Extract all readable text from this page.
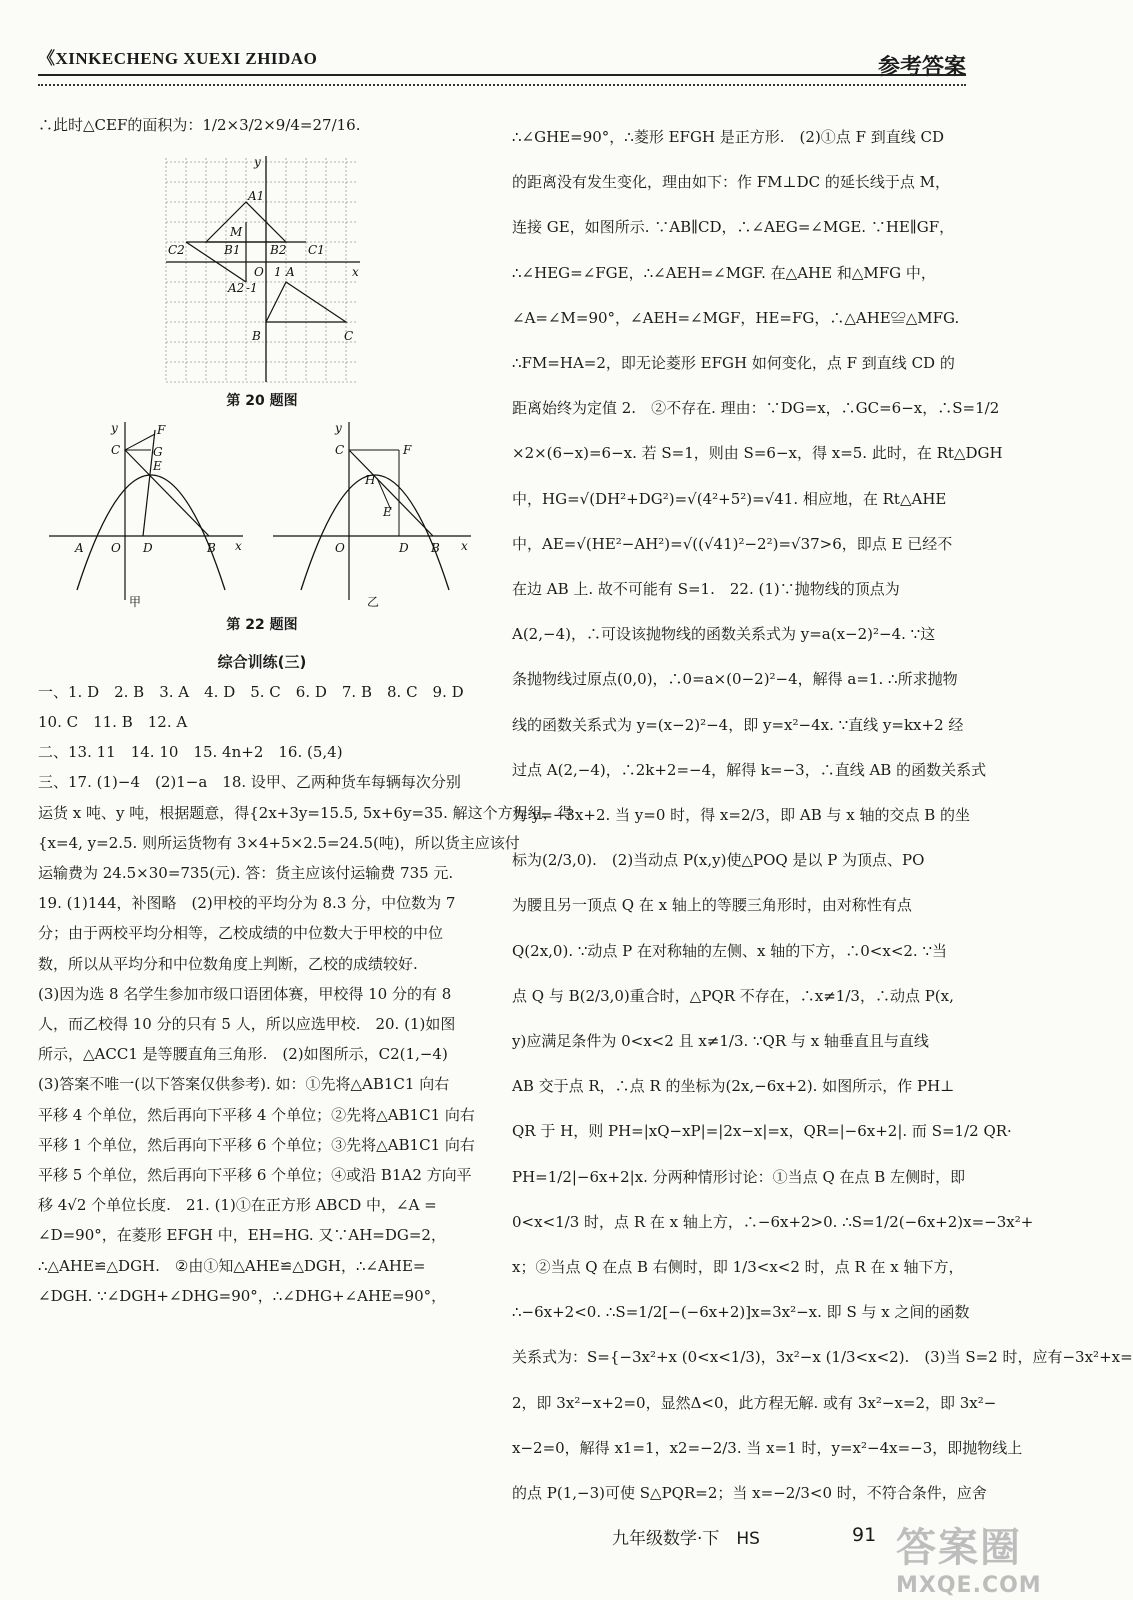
《XINKECHENG XUEXI ZHIDAO	参考答案

∴此时△CEF的面积为：1/2×3/2×9/4=27/16.

y
x
A1
M
C2	B1 B2 C1
O 1 A
A2 -1
B	C

第 20 题图

y
C
F
G
E
A O D	B x
甲
y
C	F
H
E
O	D B x
乙

第 22 题图

综合训练(三)

一、1. D　2. B　3. A　4. D　5. C　6. D　7. B　8. C　9. D

10. C　11. B　12. A

二、13. 11　14. 10　15. 4n+2　16. (5,4)

三、17. (1)−4　(2)1−a　18. 设甲、乙两种货车每辆每次分别

运货 x 吨、y 吨，根据题意，得{2x+3y=15.5, 5x+6y=35. 解这个方程组，得

{x=4, y=2.5. 则所运货物有 3×4+5×2.5=24.5(吨)，所以货主应该付

运输费为 24.5×30=735(元). 答：货主应该付运输费 735 元.

19. (1)144，补图略　(2)甲校的平均分为 8.3 分，中位数为 7

分；由于两校平均分相等，乙校成绩的中位数大于甲校的中位

数，所以从平均分和中位数角度上判断，乙校的成绩较好.

(3)因为选 8 名学生参加市级口语团体赛，甲校得 10 分的有 8

人，而乙校得 10 分的只有 5 人，所以应选甲校.　20. (1)如图

所示，△ACC1 是等腰直角三角形.　(2)如图所示，C2(1,−4)

(3)答案不唯一(以下答案仅供参考). 如：①先将△AB1C1 向右

平移 4 个单位，然后再向下平移 4 个单位；②先将△AB1C1 向右

平移 1 个单位，然后再向下平移 6 个单位；③先将△AB1C1 向右

平移 5 个单位，然后再向下平移 6 个单位；④或沿 B1A2 方向平

移 4√2 个单位长度.　21. (1)①在正方形 ABCD 中，∠A =

∠D=90°，在菱形 EFGH 中，EH=HG. 又∵AH=DG=2，

∴△AHE≌△DGH.　②由①知△AHE≌△DGH，∴∠AHE=

∠DGH. ∵∠DGH+∠DHG=90°，∴∠DHG+∠AHE=90°，

∴∠GHE=90°，∴菱形 EFGH 是正方形.　(2)①点 F 到直线 CD

的距离没有发生变化，理由如下：作 FM⊥DC 的延长线于点 M，

连接 GE，如图所示. ∵AB∥CD，∴∠AEG=∠MGE. ∵HE∥GF，

∴∠HEG=∠FGE，∴∠AEH=∠MGF. 在△AHE 和△MFG 中，

∠A=∠M=90°，∠AEH=∠MGF，HE=FG，∴△AHE≌△MFG.

∴FM=HA=2，即无论菱形 EFGH 如何变化，点 F 到直线 CD 的

距离始终为定值 2.　②不存在. 理由：∵DG=x，∴GC=6−x，∴S=1/2

×2×(6−x)=6−x. 若 S=1，则由 S=6−x，得 x=5. 此时，在 Rt△DGH

中，HG=√(DH²+DG²)=√(4²+5²)=√41. 相应地，在 Rt△AHE

中，AE=√(HE²−AH²)=√((√41)²−2²)=√37>6，即点 E 已经不

在边 AB 上. 故不可能有 S=1.　22. (1)∵抛物线的顶点为

A(2,−4)，∴可设该抛物线的函数关系式为 y=a(x−2)²−4. ∵这

条抛物线过原点(0,0)，∴0=a×(0−2)²−4，解得 a=1. ∴所求抛物

线的函数关系式为 y=(x−2)²−4，即 y=x²−4x. ∵直线 y=kx+2 经

过点 A(2,−4)，∴2k+2=−4，解得 k=−3，∴直线 AB 的函数关系式

为 y=−3x+2. 当 y=0 时，得 x=2/3，即 AB 与 x 轴的交点 B 的坐

标为(2/3,0).　(2)当动点 P(x,y)使△POQ 是以 P 为顶点、PO

为腰且另一顶点 Q 在 x 轴上的等腰三角形时，由对称性有点

Q(2x,0). ∵动点 P 在对称轴的左侧、x 轴的下方，∴0<x<2. ∵当

点 Q 与 B(2/3,0)重合时，△PQR 不存在，∴x≠1/3，∴动点 P(x,

y)应满足条件为 0<x<2 且 x≠1/3. ∵QR 与 x 轴垂直且与直线

AB 交于点 R，∴点 R 的坐标为(2x,−6x+2). 如图所示，作 PH⊥

QR 于 H，则 PH=|xQ−xP|=|2x−x|=x，QR=|−6x+2|. 而 S=1/2 QR·

PH=1/2|−6x+2|x. 分两种情形讨论：①当点 Q 在点 B 左侧时，即

0<x<1/3 时，点 R 在 x 轴上方，∴−6x+2>0. ∴S=1/2(−6x+2)x=−3x²+

x；②当点 Q 在点 B 右侧时，即 1/3<x<2 时，点 R 在 x 轴下方，

∴−6x+2<0. ∴S=1/2[−(−6x+2)]x=3x²−x. 即 S 与 x 之间的函数

关系式为：S={−3x²+x (0<x<1/3)，3x²−x (1/3<x<2).　(3)当 S=2 时，应有−3x²+x=

2，即 3x²−x+2=0，显然Δ<0，此方程无解. 或有 3x²−x=2，即 3x²−

x−2=0，解得 x1=1，x2=−2/3. 当 x=1 时，y=x²−4x=−3，即抛物线上

的点 P(1,−3)可使 S△PQR=2；当 x=−2/3<0 时，不符合条件，应舍

九年级数学·下　HS	91 答案圈
MXQE.COM
